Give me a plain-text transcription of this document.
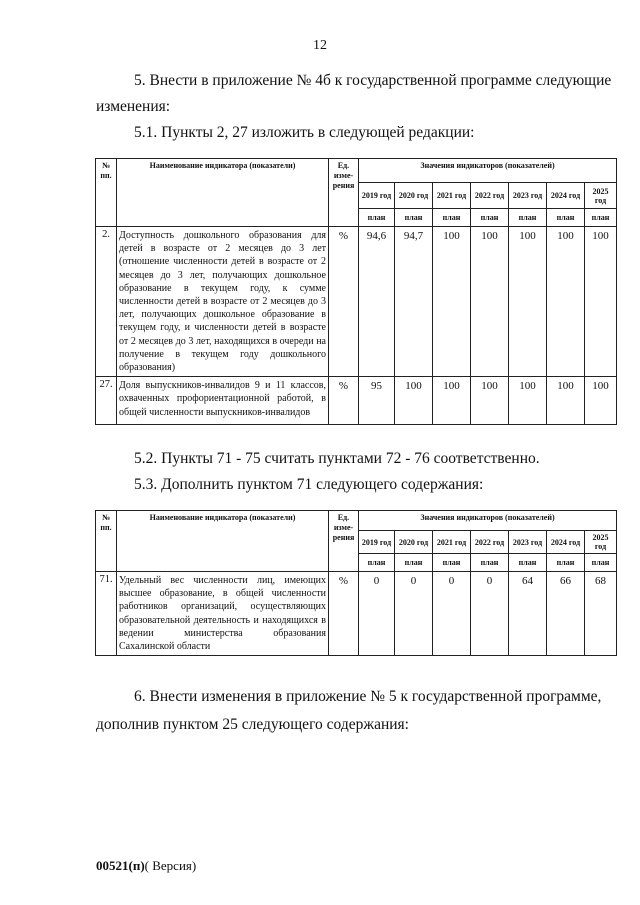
12
5. Внести в приложение № 4б к государственной программе следующие
изменения:
5.1. Пункты 2, 27 изложить в следующей редакции:
№ пп.	Наименование индикатора (показатели)	Ед. изме-рения	Значения индикаторов (показателей)						
			2019 год	2020 год	2021 год	2022 год	2023 год	2024 год	2025 год
			план	план	план	план	план	план	план
2.	Доступность дошкольного образования для детей в возрасте от 2 месяцев до 3 лет (отношение численности детей в возрасте от 2 месяцев до 3 лет, получающих дошкольное образование в текущем году, к сумме численности детей в возрасте от 2 месяцев до 3 лет, получающих дошкольное образование в текущем году, и численности детей в возрасте от 2 месяцев до 3 лет, находящихся в очереди на получение в текущем году дошкольного образования)	%	94,6	94,7	100	100	100	100	100
27.	Доля выпускников-инвалидов 9 и 11 классов, охваченных профориентационной работой, в общей численности выпускников-инвалидов	%	95	100	100	100	100	100	100
5.2. Пункты 71 - 75 считать пунктами 72 - 76 соответственно.
5.3. Дополнить пунктом 71 следующего содержания:
№ пп.	Наименование индикатора (показатели)	Ед. изме-рения	Значения индикаторов (показателей)						
			2019 год	2020 год	2021 год	2022 год	2023 год	2024 год	2025 год
			план	план	план	план	план	план	план
71.	Удельный вес численности лиц, имеющих высшее образование, в общей численности работников организаций, осуществляющих образовательной деятельность и находящихся в ведении министерства образования Сахалинской области	%	0	0	0	0	64	66	68
6. Внести изменения в приложение № 5 к государственной программе,
дополнив пунктом 25 следующего содержания:
00521(п)( Версия)
